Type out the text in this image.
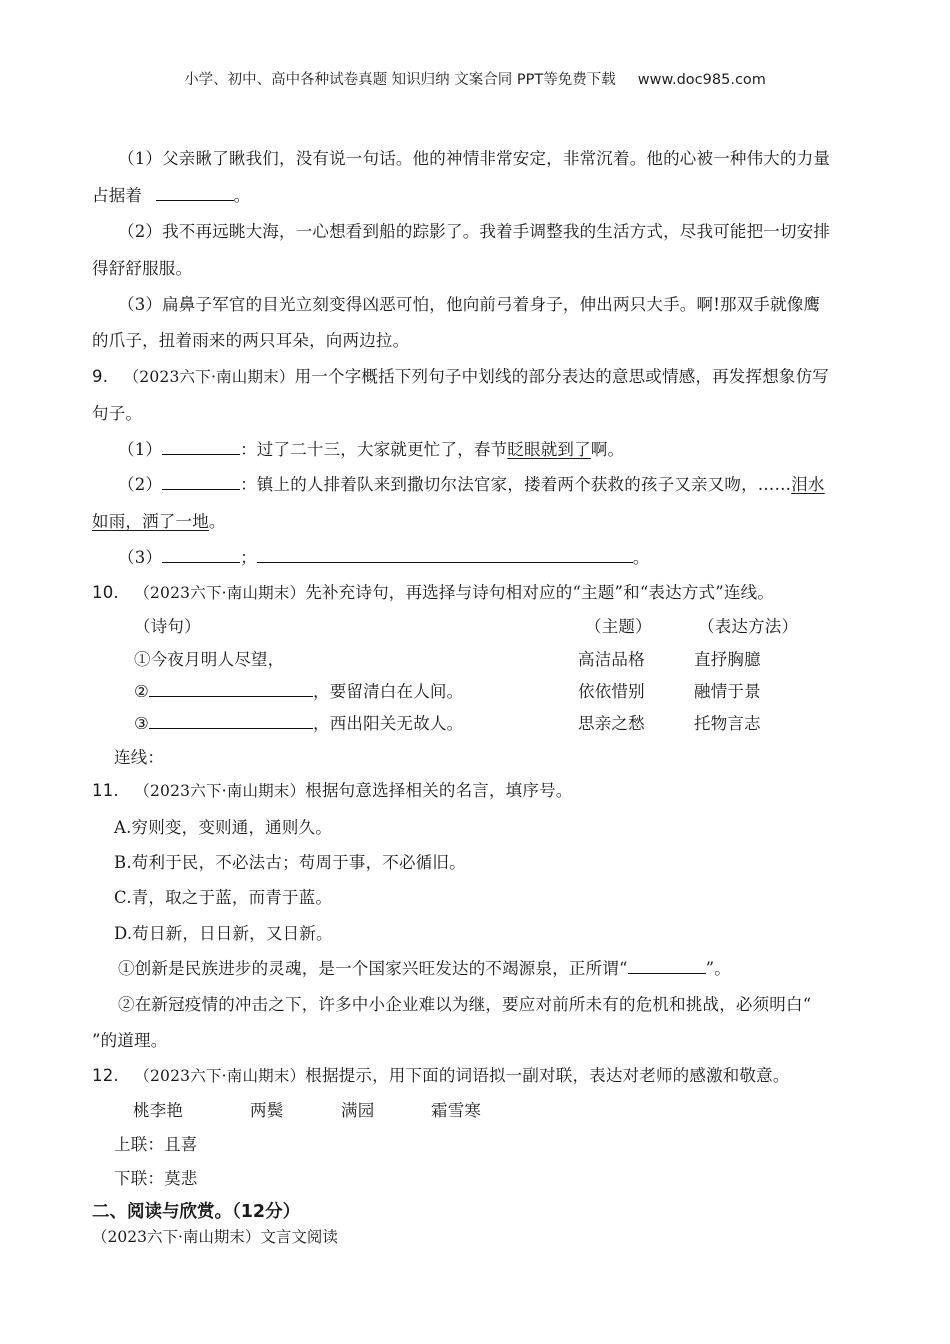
小学、初中、高中各种试卷真题 知识归纳 文案合同 PPT等免费下载 www.doc985.com
（1）父亲瞅了瞅我们，没有说一句话。他的神情非常安定，非常沉着。他的心被一种伟大的力量
占据着	。
（2）我不再远眺大海，一心想看到船的踪影了。我着手调整我的生活方式，尽我可能把一切安排
得舒舒服服。
（3）扁鼻子军官的目光立刻变得凶恶可怕，他向前弓着身子，伸出两只大手。啊!那双手就像鹰
的爪子，扭着雨来的两只耳朵，向两边拉。
9. （2023六下·南山期末）用一个字概括下列句子中划线的部分表达的意思或情感，再发挥想象仿写
句子。
（1）	：过了二十三，大家就更忙了，春节眨眼就到了啊。
（2）	：镇上的人排着队来到撒切尔法官家，搂着两个获救的孩子又亲又吻，……泪水
如雨，洒了一地。
（3）	；	。
10. （2023六下·南山期末）先补充诗句，再选择与诗句相对应的“主题”和“表达方式”连线。
（诗句）	（主题）	（表达方法）
①今夜月明人尽望，	高洁品格	直抒胸臆
②	，要留清白在人间。	依依惜别	融情于景
③	，西出阳关无故人。	思亲之愁	托物言志
连线：
11. （2023六下·南山期末）根据句意选择相关的名言，填序号。
A.穷则变，变则通，通则久。
B.苟利于民，不必法古；苟周于事，不必循旧。
C.青，取之于蓝，而青于蓝。
D.苟日新，日日新，又日新。
①创新是民族进步的灵魂，是一个国家兴旺发达的不竭源泉，正所谓“	”。
②在新冠疫情的冲击之下，许多中小企业难以为继，要应对前所未有的危机和挑战，必须明白“
”的道理。
12. （2023六下·南山期末）根据提示，用下面的词语拟一副对联，表达对老师的感激和敬意。
桃李艳	两鬓	满园	霜雪寒
上联：且喜
下联：莫悲
二、阅读与欣赏。（12分）
（2023六下·南山期末）文言文阅读
